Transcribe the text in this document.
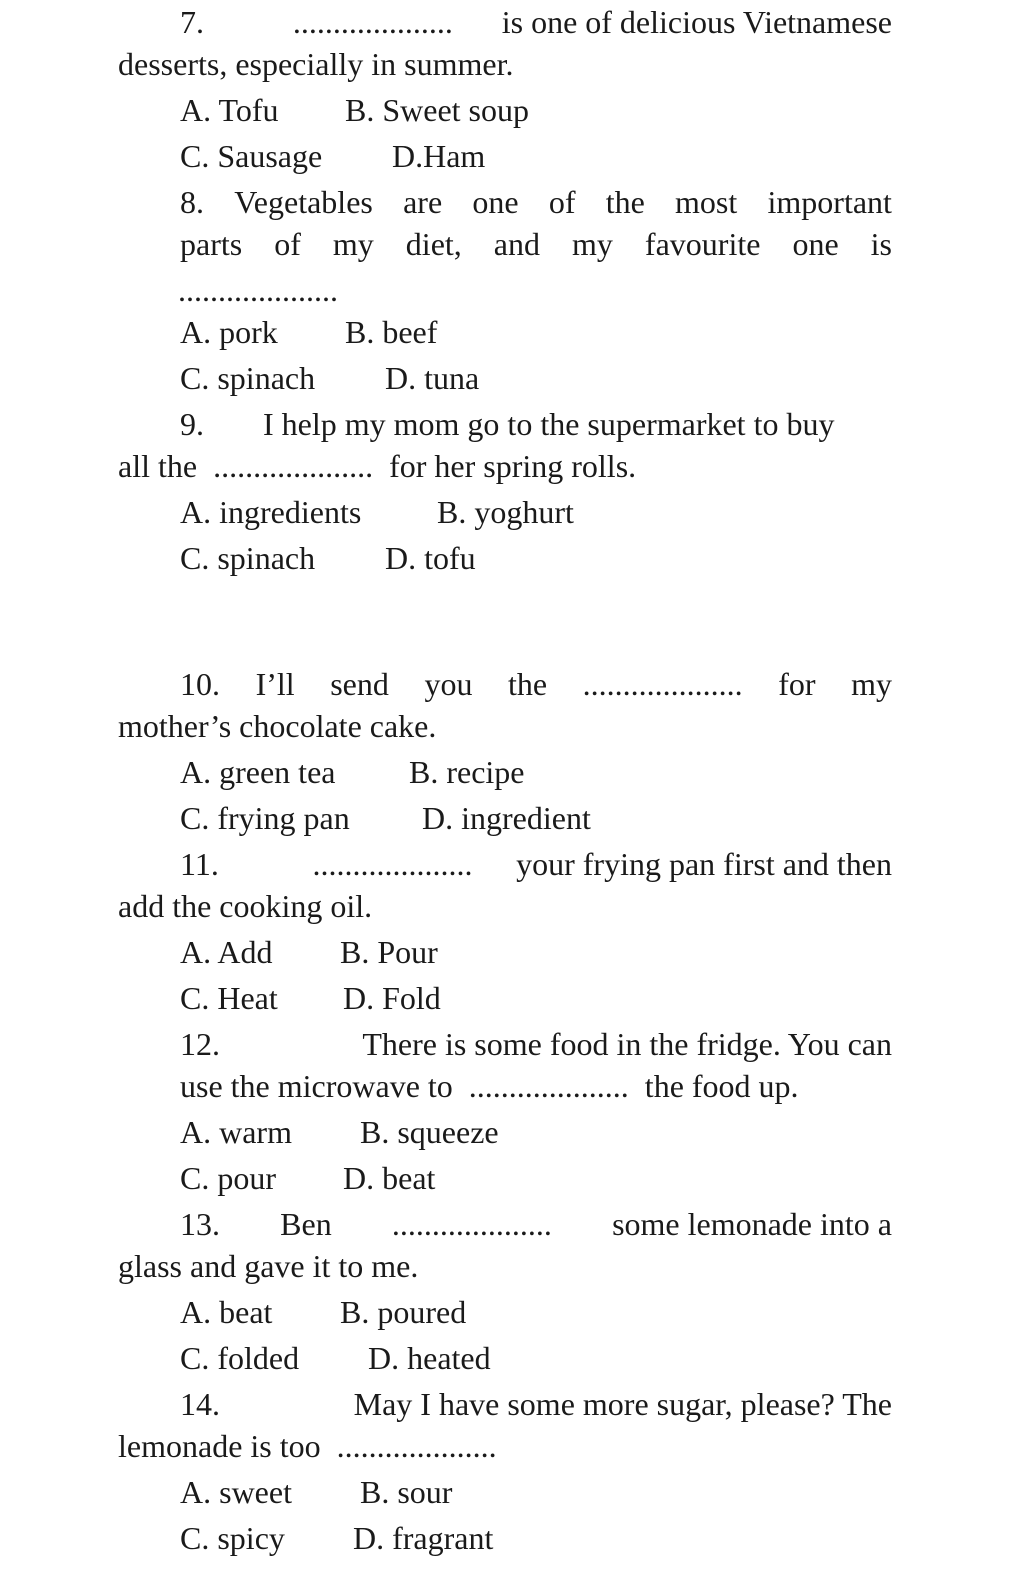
7.	.................... is one of delicious Vietnamese
desserts, especially in summer.
A. Tofu B. Sweet soup
C. Sausage D.Ham
8. Vegetables are one of the most important
parts of my diet, and my favourite one is
....................
A. pork B. beef
C. spinach D. tuna
9. I help my mom go to the supermarket to buy
all the .................... for her spring rolls.
A. ingredients B. yoghurt
C. spinach D. tofu
10. I’ll send you the .................... for my
mother’s chocolate cake.
A. green tea B. recipe
C. frying pan D. ingredient
11.	.................... your frying pan first and then
add the cooking oil.
A. Add B. Pour
C. Heat D. Fold
12.	There is some food in the fridge. You can
use the microwave to .................... the food up.
A. warm B. squeeze
C. pour D. beat
13. Ben .................... some lemonade into a
glass and gave it to me.
A. beat B. poured
C. folded D. heated
14.	May I have some more sugar, please? The
lemonade is too ....................
A. sweet B. sour
C. spicy D. fragrant
